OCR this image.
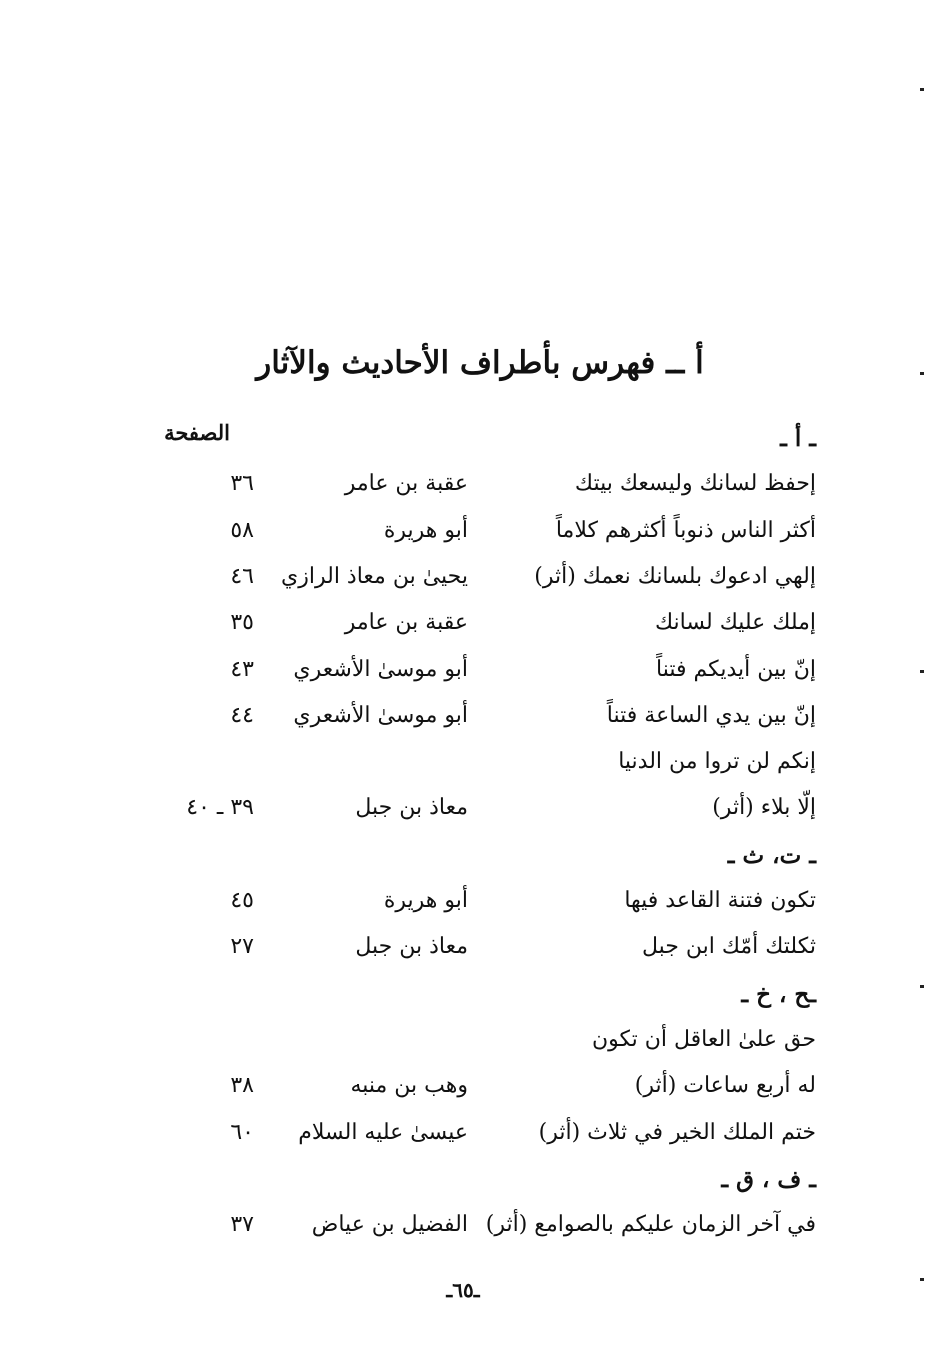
أ ــ فهرس بأطراف الأحاديث والآثار
الصفحة	ـ أ ـ
إحفظ لسانك وليسعك بيتك
عقبة بن عامر
٣٦
أكثر الناس ذنوباً أكثرهم كلاماً
أبو هريرة
٥٨
إلهي ادعوك بلسانك نعمك (أثر)
يحيىٰ بن معاذ الرازي
٤٦
إملك عليك لسانك
عقبة بن عامر
٣٥
إنّ بين أيديكم فتناً
أبو موسىٰ الأشعري
٤٣
إنّ بين يدي الساعة فتناً
أبو موسىٰ الأشعري
٤٤
إنكم لن تروا من الدنيا
إلّا بلاء (أثر)
معاذ بن جبل
٣٩ ـ ٤٠
ـ ت، ث ـ
تكون فتنة القاعد فيها
أبو هريرة
٤٥
ثكلتك أمّك ابن جبل
معاذ بن جبل
٢٧
ـح ، خ ـ
حق علىٰ العاقل أن تكون
له أربع ساعات (أثر)
وهب بن منبه
٣٨
ختم الملك الخير في ثلاث (أثر)
عيسىٰ عليه السلام
٦٠
ـ ف ، ق ـ
في آخر الزمان عليكم بالصوامع (أثر)
الفضيل بن عياض
٣٧
ـ٦٥ـ
